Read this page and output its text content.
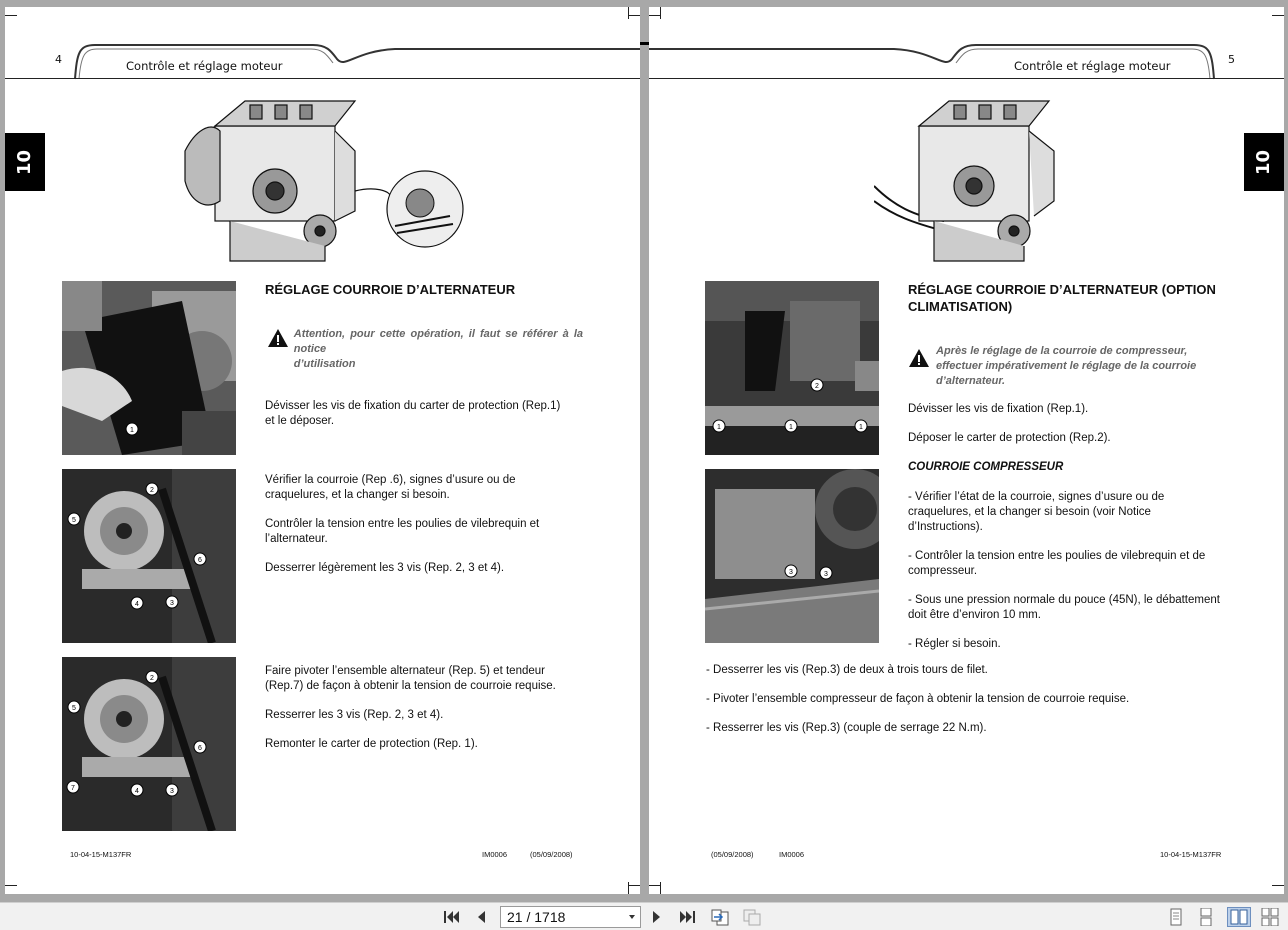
4	Contrôle et réglage moteur
10
1
2
5
6
4	3
2
5
6
7	4	3
RÉGLAGE COURROIE D’ALTERNATEUR
Attention, pour cette opération, il faut se référer à la notice
d’utilisation
Dévisser les vis de fixation du carter de protection (Rep.1)
et le déposer.
Vérifier la courroie (Rep .6), signes d’usure ou de
craquelures, et la changer si besoin.
Contrôler la tension entre les poulies de vilebrequin et
l’alternateur.
Desserrer légèrement les 3 vis (Rep. 2, 3 et 4).
Faire pivoter l’ensemble alternateur (Rep. 5) et tendeur
(Rep.7) de façon à obtenir la tension de courroie requise.
Resserrer les 3 vis (Rep. 2, 3 et 4).
Remonter le carter de protection (Rep. 1).
10-04-15-M137FR	IM0006	(05/09/2008)
Contrôle et réglage moteur	5
10
2
1	1	1
3	3
RÉGLAGE COURROIE D’ALTERNATEUR (OPTION
CLIMATISATION)
Après le réglage de la courroie de compresseur,
effectuer impérativement le réglage de la courroie
d’alternateur.
Dévisser les vis de fixation (Rep.1).
Déposer le carter de protection (Rep.2).
COURROIE COMPRESSEUR
- Vérifier l’état de la courroie, signes d’usure ou de
craquelures, et la changer si besoin (voir Notice
d’Instructions).
- Contrôler la tension entre les poulies de vilebrequin et de
compresseur.
- Sous une pression normale du pouce (45N), le débattement
doit être d’environ 10 mm.
- Régler si besoin.
- Desserrer les vis (Rep.3) de deux à trois tours de filet.
- Pivoter l’ensemble compresseur de façon à obtenir la tension de courroie requise.
- Resserrer les vis (Rep.3) (couple de serrage 22 N.m).
(05/09/2008)	IM0006	10-04-15-M137FR
21
/
1718
